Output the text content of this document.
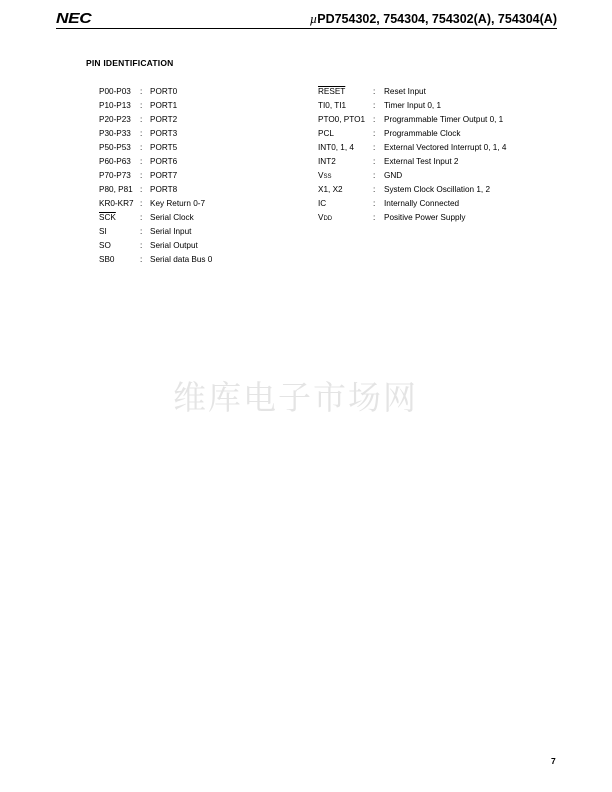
NEC	µPD754302, 754304, 754302(A), 754304(A)
PIN IDENTIFICATION
P00-P03 : PORT0
P10-P13 : PORT1
P20-P23 : PORT2
P30-P33 : PORT3
P50-P53 : PORT5
P60-P63 : PORT6
P70-P73 : PORT7
P80, P81 : PORT8
KR0-KR7 : Key Return 0-7
$\overline{SCK}$	: Serial Clock
SI	: Serial Input
SO	: Serial Output
SB0	: Serial data Bus 0
RESET	: Reset Input
TI0, TI1	: Timer Input 0, 1
PTO0, PTO1 : Programmable Timer Output 0, 1
PCL	: Programmable Clock
INT0, 1, 4 : External Vectored Interrupt 0, 1, 4
INT2	: External Test Input 2
VSS	: GND
X1, X2	: System Clock Oscillation 1, 2
IC	: Internally Connected
VDD	: Positive Power Supply
维库电子市场网
7
